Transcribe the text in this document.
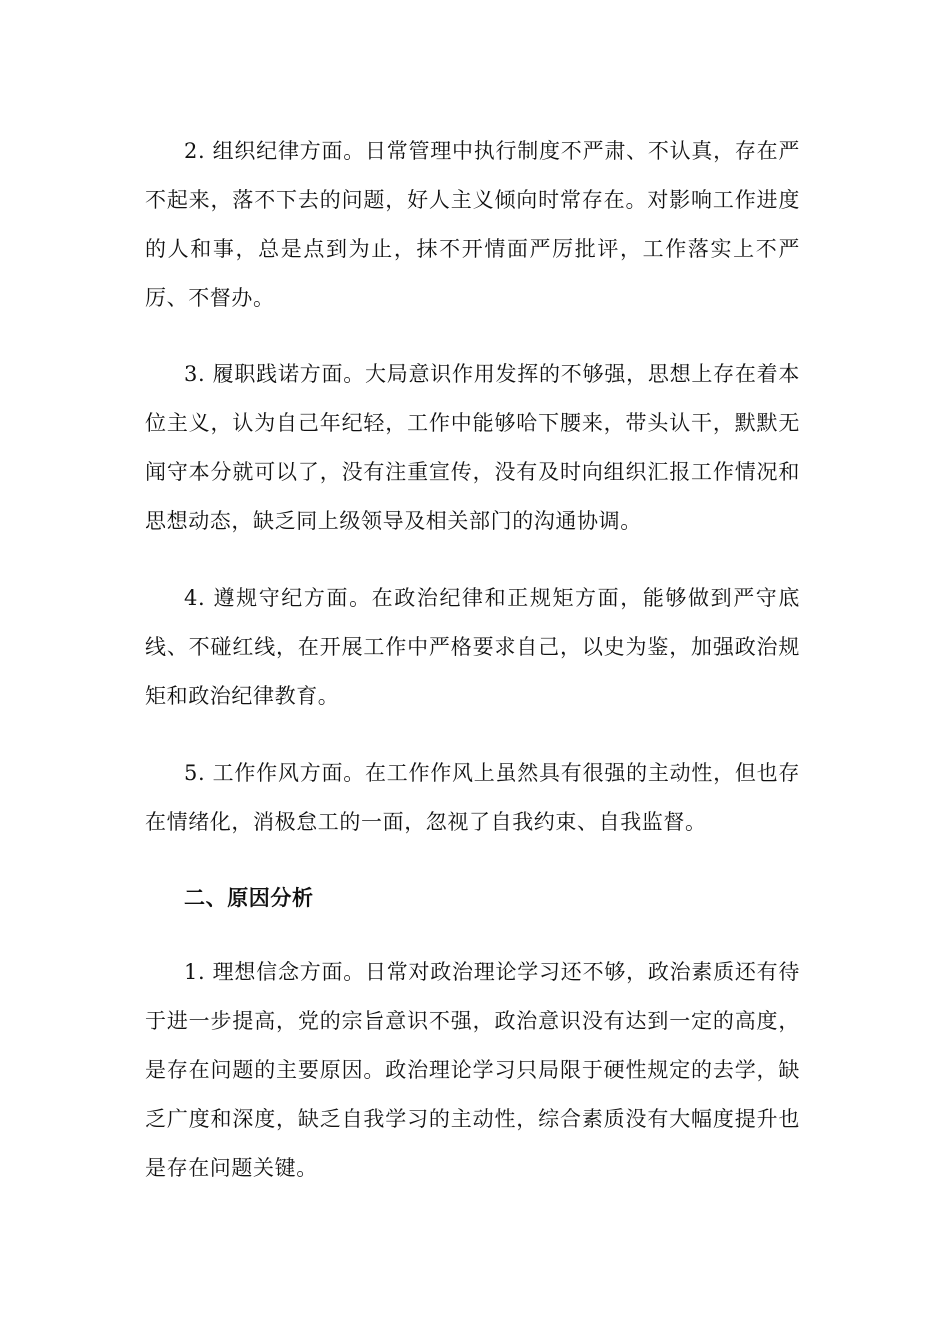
2. 组织纪律方面。日常管理中执行制度不严肃、不认真，存在严不起来，落不下去的问题，好人主义倾向时常存在。对影响工作进度的人和事，总是点到为止，抹不开情面严厉批评，工作落实上不严厉、不督办。

3. 履职践诺方面。大局意识作用发挥的不够强，思想上存在着本位主义，认为自己年纪轻，工作中能够哈下腰来，带头认干，默默无闻守本分就可以了，没有注重宣传，没有及时向组织汇报工作情况和思想动态，缺乏同上级领导及相关部门的沟通协调。

4. 遵规守纪方面。在政治纪律和正规矩方面，能够做到严守底线、不碰红线，在开展工作中严格要求自己，以史为鉴，加强政治规矩和政治纪律教育。

5. 工作作风方面。在工作作风上虽然具有很强的主动性，但也存在情绪化，消极怠工的一面，忽视了自我约束、自我监督。

二、原因分析

1. 理想信念方面。日常对政治理论学习还不够，政治素质还有待于进一步提高，党的宗旨意识不强，政治意识没有达到一定的高度，是存在问题的主要原因。政治理论学习只局限于硬性规定的去学，缺乏广度和深度，缺乏自我学习的主动性，综合素质没有大幅度提升也是存在问题关键。
